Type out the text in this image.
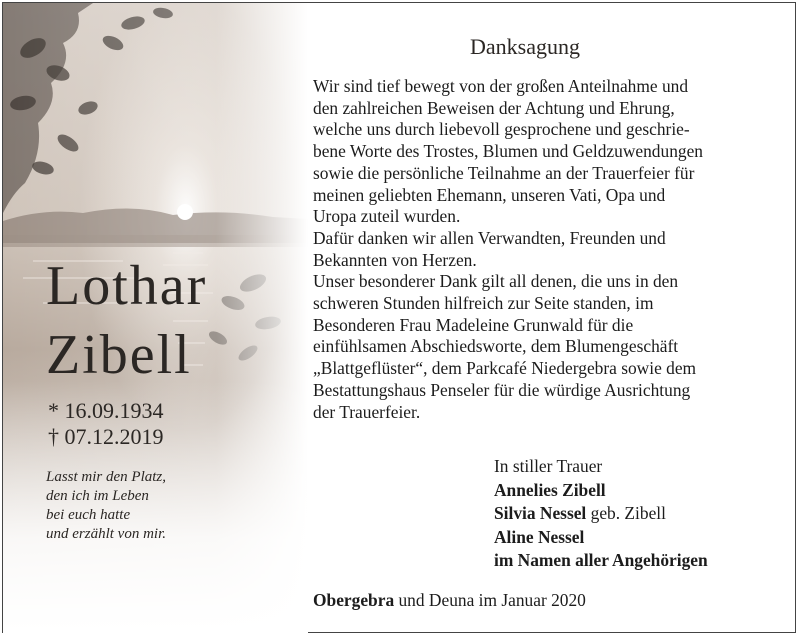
Lothar
Zibell
* 16.09.1934
† 07.12.2019
Lasst mir den Platz,
den ich im Leben
bei euch hatte
und erzählt von mir.
Danksagung
Wir sind tief bewegt von der großen Anteilnahme und
den zahlreichen Beweisen der Achtung und Ehrung,
welche uns durch liebevoll gesprochene und geschrie-
bene Worte des Trostes, Blumen und Geldzuwendungen
sowie die persönliche Teilnahme an der Trauerfeier für
meinen geliebten Ehemann, unseren Vati, Opa und
Uropa zuteil wurden.
Dafür danken wir allen Verwandten, Freunden und
Bekannten von Herzen.
Unser besonderer Dank gilt all denen, die uns in den
schweren Stunden hilfreich zur Seite standen, im
Besonderen Frau Madeleine Grunwald für die
einfühlsamen Abschiedsworte, dem Blumengeschäft
„Blattgeflüster“, dem Parkcafé Niedergebra sowie dem
Bestattungshaus Penseler für die würdige Ausrichtung
der Trauerfeier.
In stiller Trauer
Annelies Zibell
Silvia Nessel geb. Zibell
Aline Nessel
im Namen aller Angehörigen
Obergebra und Deuna im Januar 2020
